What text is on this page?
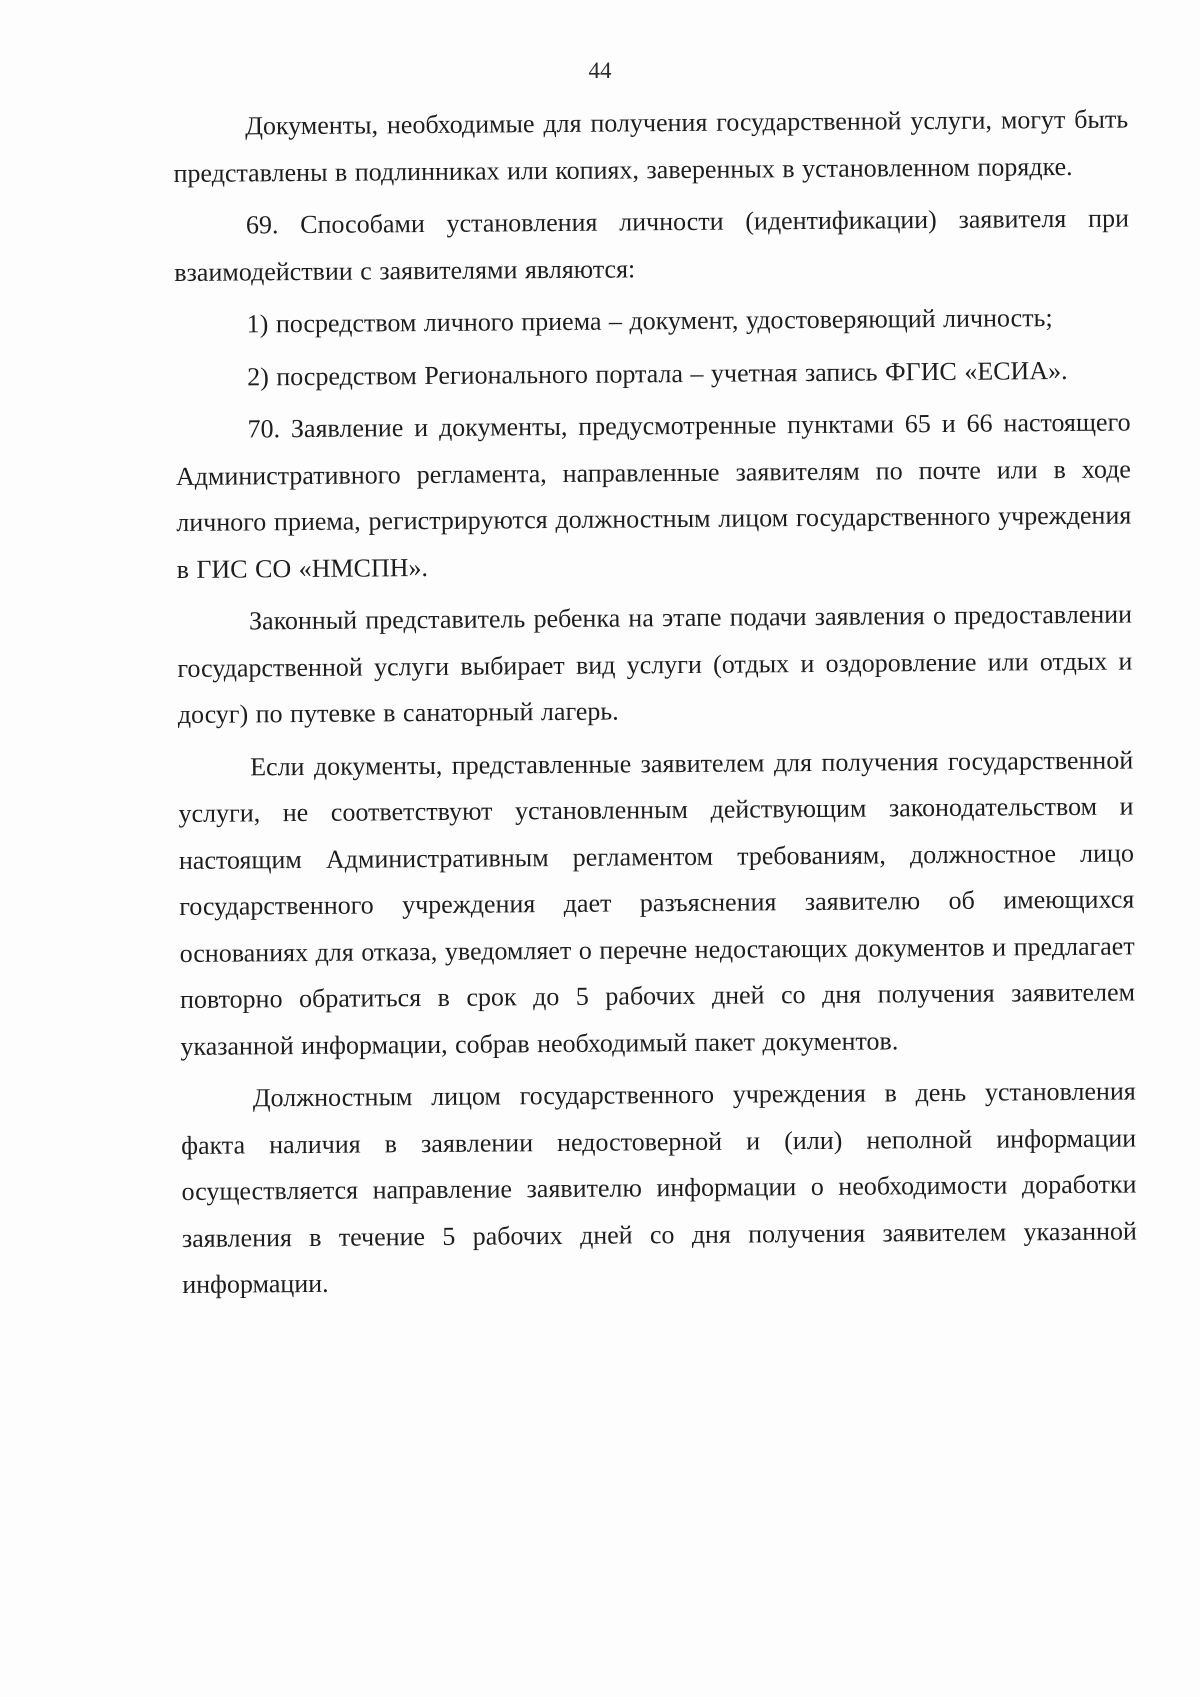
44

Документы, необходимые для получения государственной услуги, могут быть представлены в подлинниках или копиях, заверенных в установленном порядке.

69. Способами установления личности (идентификации) заявителя при взаимодействии с заявителями являются:

1) посредством личного приема – документ, удостоверяющий личность;

2) посредством Регионального портала – учетная запись ФГИС «ЕСИА».

70. Заявление и документы, предусмотренные пунктами 65 и 66 настоящего Административного регламента, направленные заявителям по почте или в ходе личного приема, регистрируются должностным лицом государственного учреждения в ГИС СО «НМСПН».

Законный представитель ребенка на этапе подачи заявления о предоставлении государственной услуги выбирает вид услуги (отдых и оздоровление или отдых и досуг) по путевке в санаторный лагерь.

Если документы, представленные заявителем для получения государственной услуги, не соответствуют установленным действующим законодательством и настоящим Административным регламентом требованиям, должностное лицо государственного учреждения дает разъяснения заявителю об имеющихся основаниях для отказа, уведомляет о перечне недостающих документов и предлагает повторно обратиться в срок до 5 рабочих дней со дня получения заявителем указанной информации, собрав необходимый пакет документов.

Должностным лицом государственного учреждения в день установления факта наличия в заявлении недостоверной и (или) неполной информации осуществляется направление заявителю информации о необходимости доработки заявления в течение 5 рабочих дней со дня получения заявителем указанной информации.
